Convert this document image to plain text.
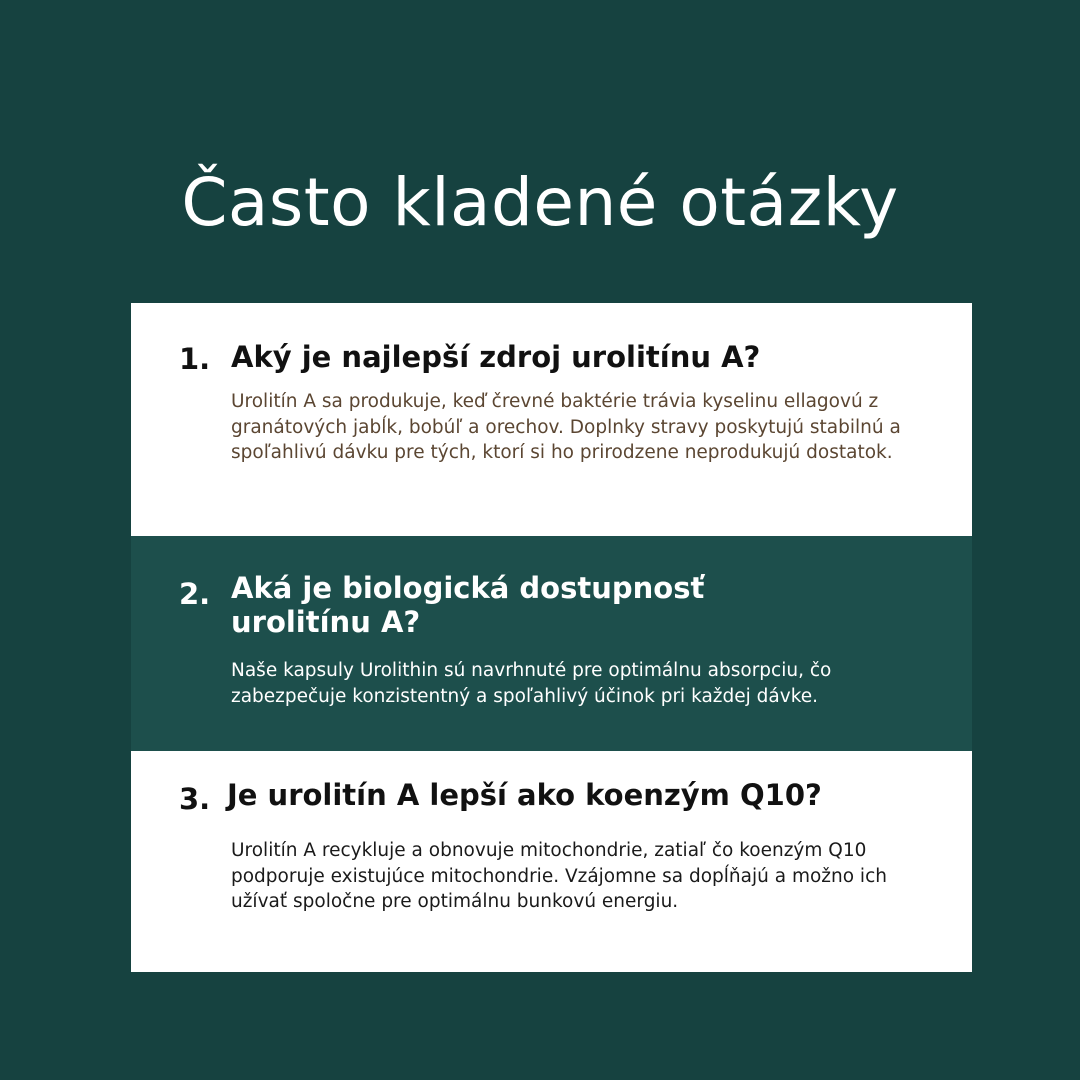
Často kladené otázky
1. Aký je najlepší zdroj urolitínu A?

Urolitín A sa produkuje, keď črevné baktérie trávia kyselinu ellagovú z granátových jabĺk, bobúľ a orechov. Doplnky stravy poskytujú stabilnú a spoľahlivú dávku pre tých, ktorí si ho prirodzene neprodukujú dostatok.

2. Aká je biologická dostupnosť urolitínu A?

Naše kapsuly Urolithin sú navrhnuté pre optimálnu absorpciu, čo zabezpečuje konzistentný a spoľahlivý účinok pri každej dávke.

3. Je urolitín A lepší ako koenzým Q10?

Urolitín A recykluje a obnovuje mitochondrie, zatiaľ čo koenzým Q10 podporuje existujúce mitochondrie. Vzájomne sa dopĺňajú a možno ich užívať spoločne pre optimálnu bunkovú energiu.
